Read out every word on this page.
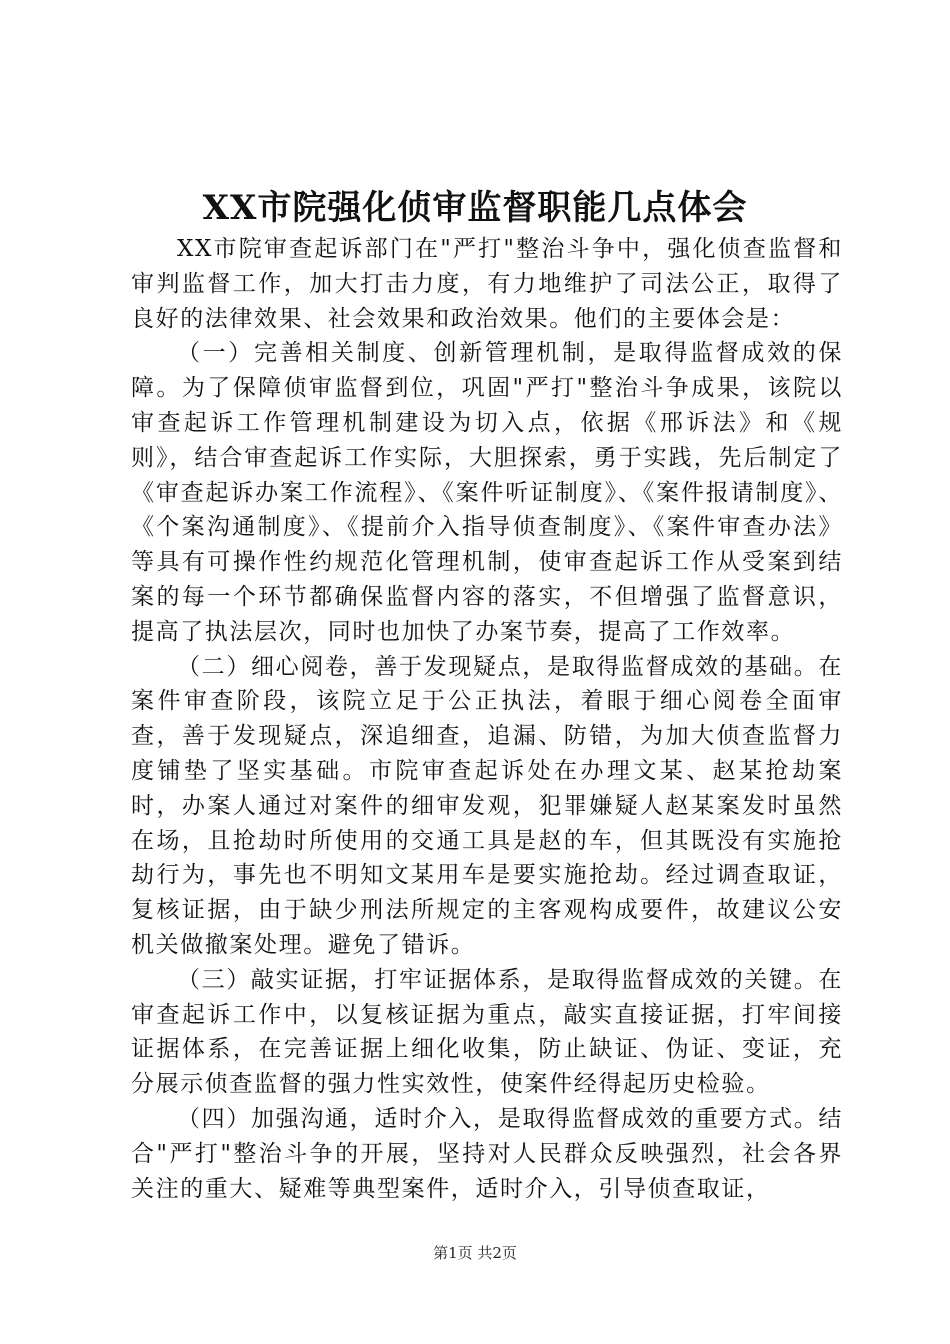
XX市院强化侦审监督职能几点体会

XX市院审查起诉部门在"严打"整治斗争中，强化侦查监督和审判监督工作，加大打击力度，有力地维护了司法公正，取得了良好的法律效果、社会效果和政治效果。他们的主要体会是：

（一）完善相关制度、创新管理机制，是取得监督成效的保障。为了保障侦审监督到位，巩固"严打"整治斗争成果，该院以审查起诉工作管理机制建设为切入点，依据《邢诉法》和《规则》，结合审查起诉工作实际，大胆探索，勇于实践，先后制定了《审查起诉办案工作流程》、《案件听证制度》、《案件报请制度》、《个案沟通制度》、《提前介入指导侦查制度》、《案件审查办法》等具有可操作性约规范化管理机制，使审查起诉工作从受案到结案的每一个环节都确保监督内容的落实，不但增强了监督意识，提高了执法层次，同时也加快了办案节奏，提高了工作效率。

（二）细心阅卷，善于发现疑点，是取得监督成效的基础。在案件审查阶段，该院立足于公正执法，着眼于细心阅卷全面审查，善于发现疑点，深追细查，追漏、防错，为加大侦查监督力度铺垫了坚实基础。市院审查起诉处在办理文某、赵某抢劫案时，办案人通过对案件的细审发观，犯罪嫌疑人赵某案发时虽然在场，且抢劫时所使用的交通工具是赵的车，但其既没有实施抢劫行为，事先也不明知文某用车是要实施抢劫。经过调查取证，复核证据，由于缺少刑法所规定的主客观构成要件，故建议公安机关做撤案处理。避免了错诉。

（三）敲实证据，打牢证据体系，是取得监督成效的关键。在审查起诉工作中，以复核证据为重点，敲实直接证据，打牢间接证据体系，在完善证据上细化收集，防止缺证、伪证、变证，充分展示侦查监督的强力性实效性，使案件经得起历史检验。

（四）加强沟通，适时介入，是取得监督成效的重要方式。结合"严打"整治斗争的开展，坚持对人民群众反映强烈，社会各界关注的重大、疑难等典型案件，适时介入，引导侦查取证，

第1页 共2页
